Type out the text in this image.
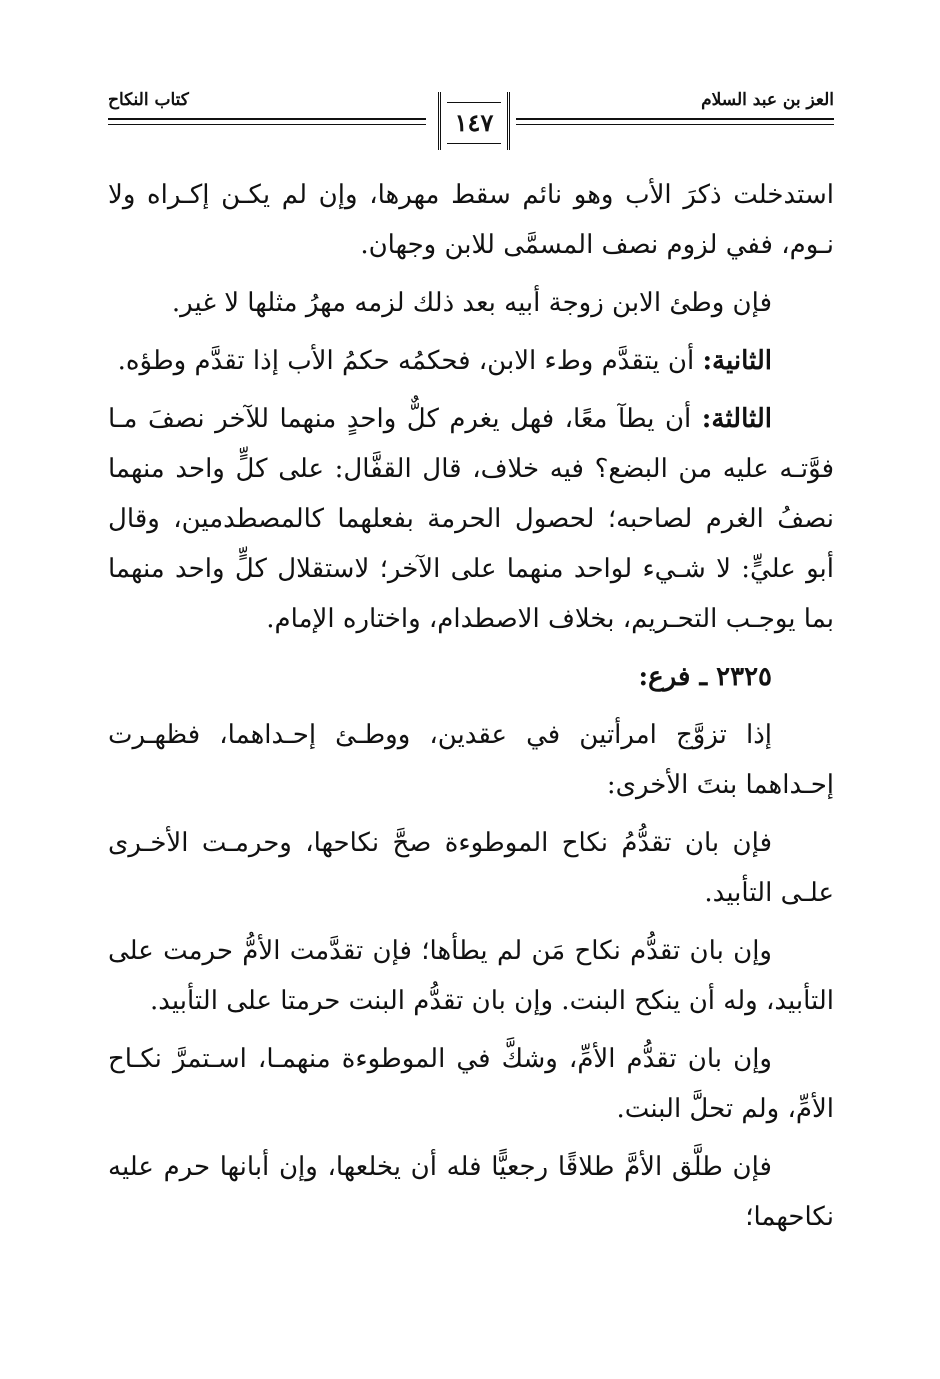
العز بن عبد السلام
كتاب النكاح
١٤٧

استدخلت ذكرَ الأب وهو نائم سقط مهرها، وإن لم يكـن إكـراه ولا نـوم، ففي لزوم نصف المسمَّى للابن وجهان.

فإن وطئ الابن زوجة أبيه بعد ذلك لزمه مهرُ مثلها لا غير.

الثانية: أن يتقدَّم وطء الابن، فحكمُه حكمُ الأب إذا تقدَّم وطؤه.

الثالثة: أن يطآ معًا، فهل يغرم كلٌّ واحدٍ منهما للآخر نصفَ مـا فوَّتـه عليه من البضع؟ فيه خلاف، قال القفَّال: على كلٍّ واحد منهما نصفُ الغرم لصاحبه؛ لحصول الحرمة بفعلهما كالمصطدمين، وقال أبو عليٍّ: لا شـيء لواحد منهما على الآخر؛ لاستقلال كلٍّ واحد منهما بما يوجـب التحـريم، بخلاف الاصطدام، واختاره الإمام.

٢٣٢٥ ـ فرع:

إذا تزوَّج امرأتين في عقدين، ووطـئ إحـداهما، فظهـرت إحـداهما بنتَ الأخرى:

فإن بان تقدُّمُ نكاح الموطوءة صحَّ نكاحها، وحرمـت الأخـرى علـى التأبيد.

وإن بان تقدُّم نكاح مَن لم يطأها؛ فإن تقدَّمت الأمُّ حرمت على التأبيد، وله أن ينكح البنت. وإن بان تقدُّم البنت حرمتا على التأبيد.

وإن بان تقدُّم الأمِّ، وشكَّ في الموطوءة منهمـا، اسـتمرَّ نكـاح الأمِّ، ولم تحلَّ البنت.

فإن طلَّق الأمَّ طلاقًا رجعيًّا فله أن يخلعها، وإن أبانها حرم عليه نكاحهما؛
